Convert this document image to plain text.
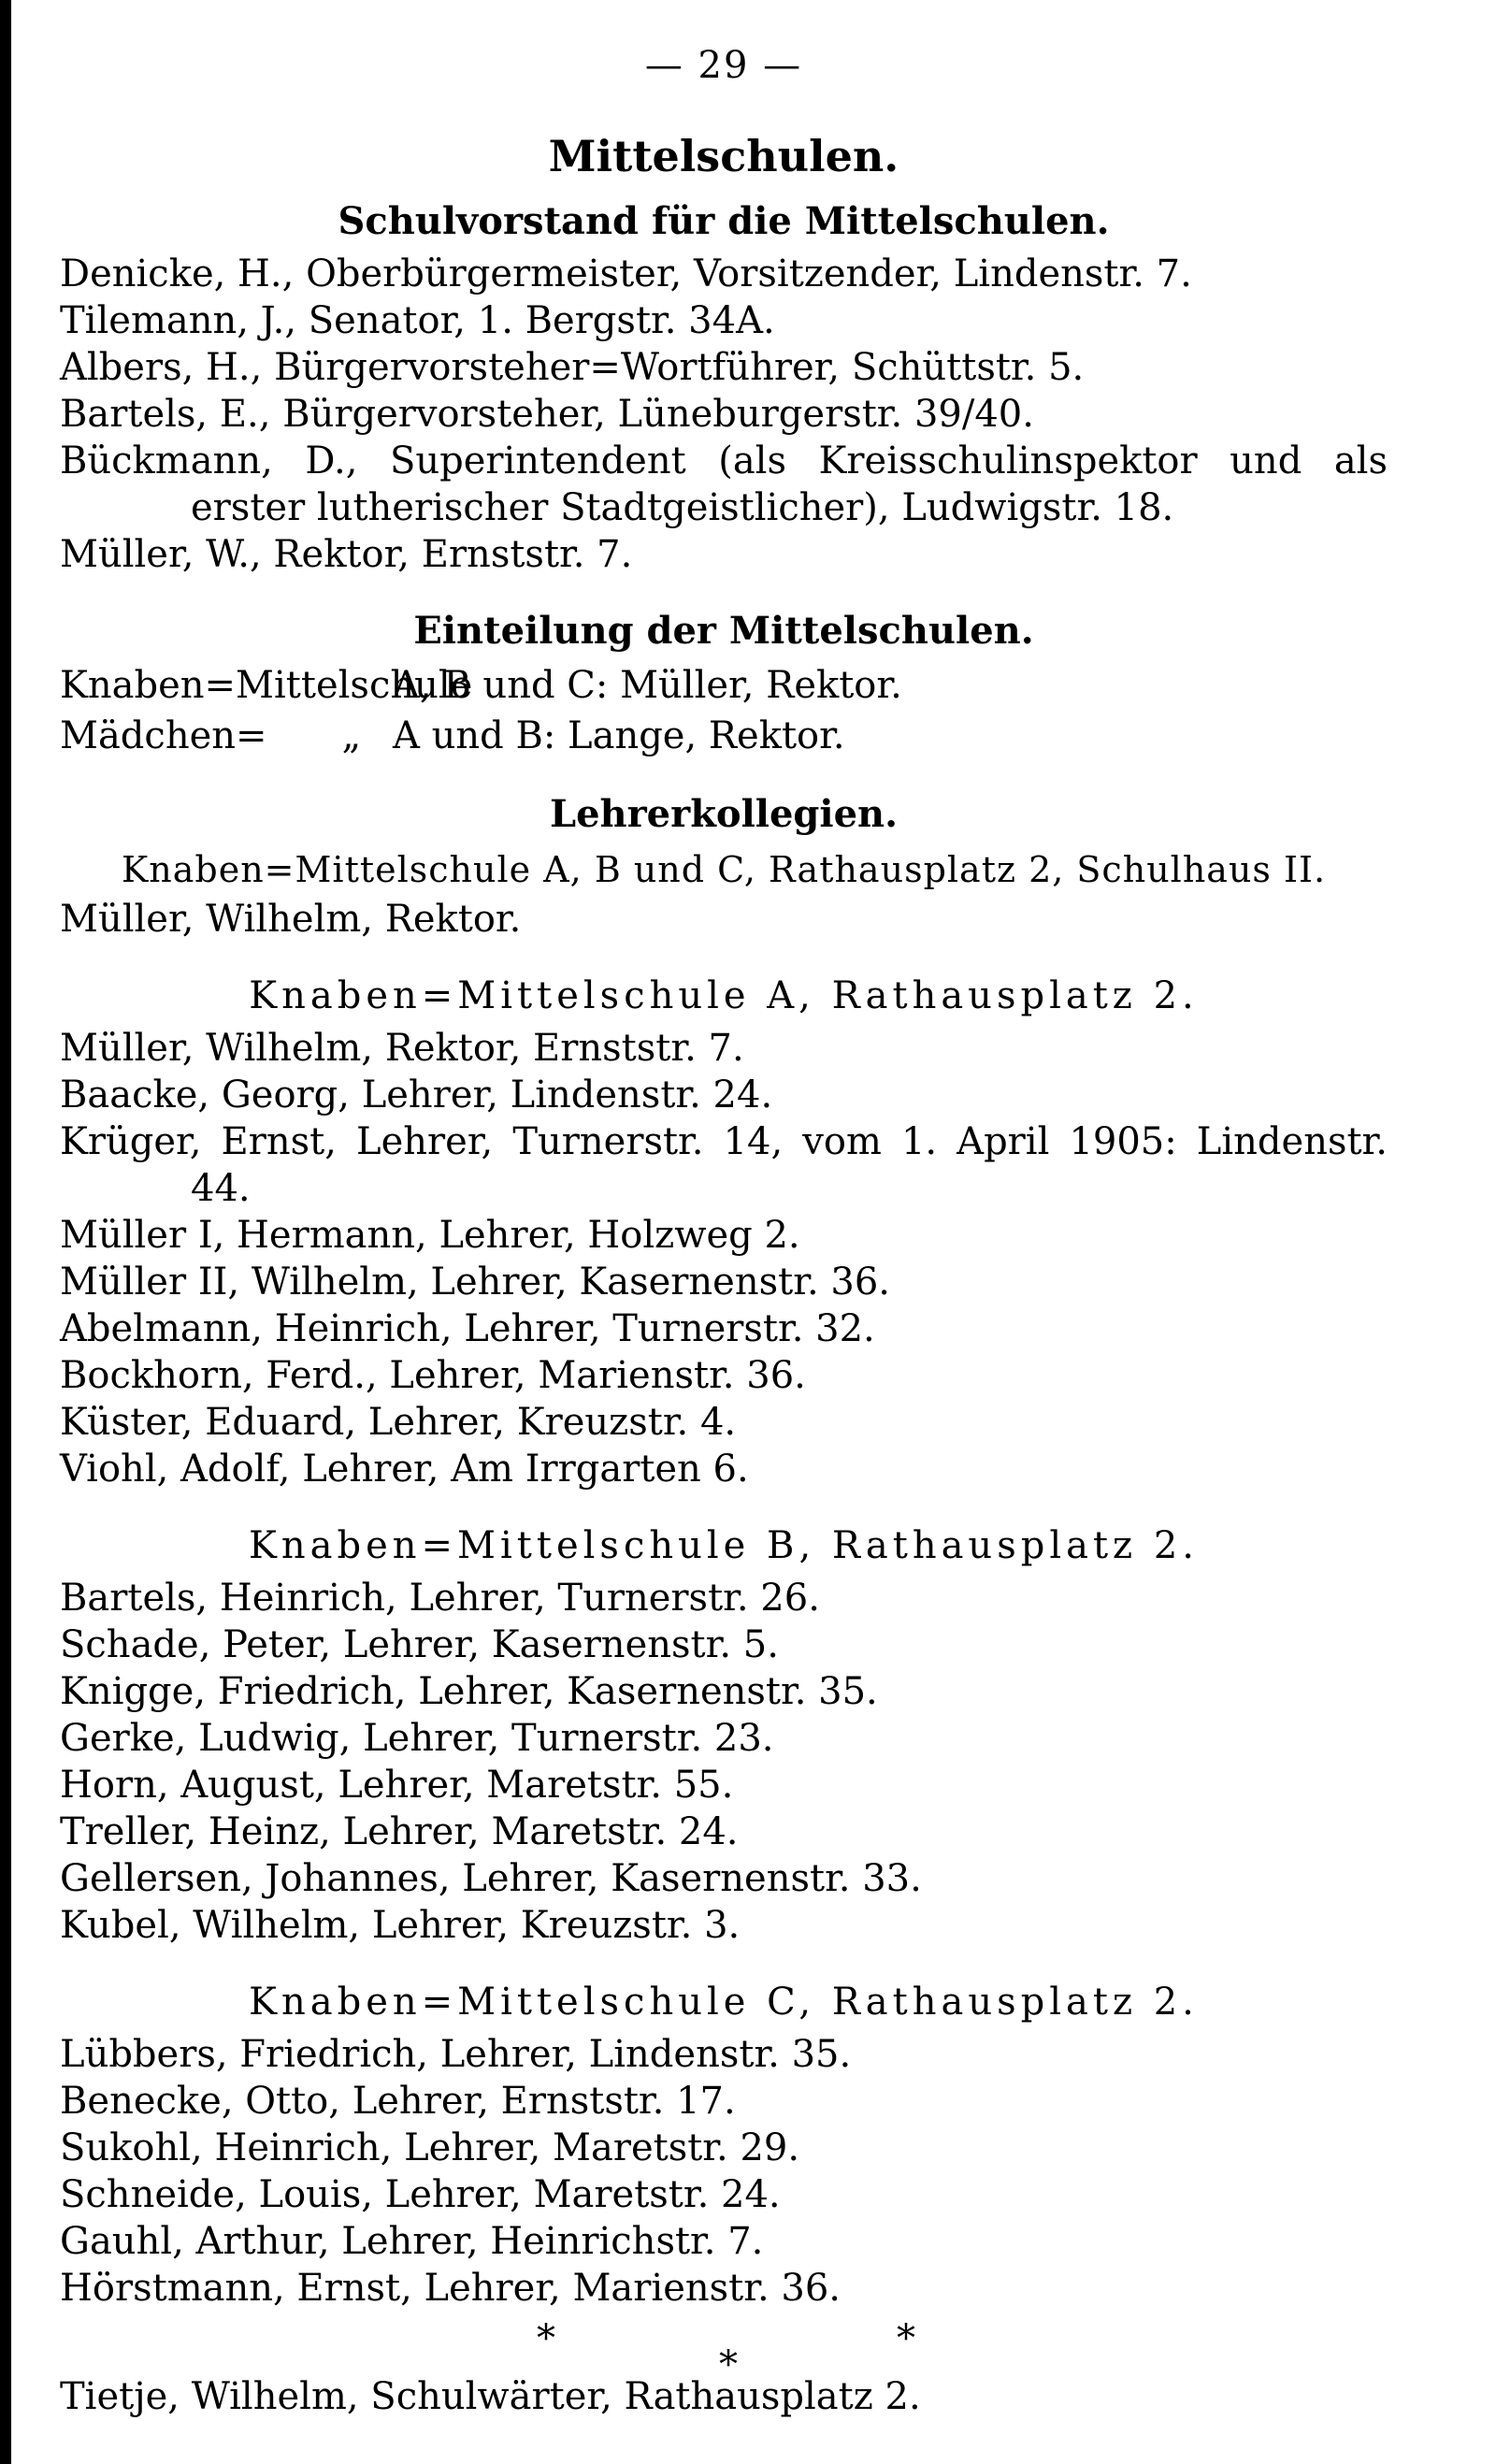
— 29 —
Mittelschulen.
Schulvorstand für die Mittelschulen.
Denicke, H., Oberbürgermeister, Vorsitzender, Lindenstr. 7.
Tilemann, J., Senator, 1. Bergstr. 34A.
Albers, H., Bürgervorsteher=Wortführer, Schüttstr. 5.
Bartels, E., Bürgervorsteher, Lüneburgerstr. 39/40.
Bückmann, D., Superintendent (als Kreisschulinspektor und als erster lutherischer Stadtgeistlicher), Ludwigstr. 18.
Müller, W., Rektor, Ernststr. 7.
Einteilung der Mittelschulen.
Knaben=Mittelschule
A, B und C: Müller, Rektor.
Mädchen= „ A und B: Lange, Rektor.
Lehrerkollegien.
Knaben=Mittelschule A, B und C, Rathausplatz 2, Schulhaus II.
Müller, Wilhelm, Rektor.
Knaben=Mittelschule A, Rathausplatz 2.
Müller, Wilhelm, Rektor, Ernststr. 7.
Baacke, Georg, Lehrer, Lindenstr. 24.
Krüger, Ernst, Lehrer, Turnerstr. 14, vom 1. April 1905: Lindenstr. 44.
Müller I, Hermann, Lehrer, Holzweg 2.
Müller II, Wilhelm, Lehrer, Kasernenstr. 36.
Abelmann, Heinrich, Lehrer, Turnerstr. 32.
Bockhorn, Ferd., Lehrer, Marienstr. 36.
Küster, Eduard, Lehrer, Kreuzstr. 4.
Viohl, Adolf, Lehrer, Am Irrgarten 6.
Knaben=Mittelschule B, Rathausplatz 2.
Bartels, Heinrich, Lehrer, Turnerstr. 26.
Schade, Peter, Lehrer, Kasernenstr. 5.
Knigge, Friedrich, Lehrer, Kasernenstr. 35.
Gerke, Ludwig, Lehrer, Turnerstr. 23.
Horn, August, Lehrer, Maretstr. 55.
Treller, Heinz, Lehrer, Maretstr. 24.
Gellersen, Johannes, Lehrer, Kasernenstr. 33.
Kubel, Wilhelm, Lehrer, Kreuzstr. 3.
Knaben=Mittelschule C, Rathausplatz 2.
Lübbers, Friedrich, Lehrer, Lindenstr. 35.
Benecke, Otto, Lehrer, Ernststr. 17.
Sukohl, Heinrich, Lehrer, Maretstr. 29.
Schneide, Louis, Lehrer, Maretstr. 24.
Gauhl, Arthur, Lehrer, Heinrichstr. 7.
Hörstmann, Ernst, Lehrer, Marienstr. 36.
*
*
*
Tietje, Wilhelm, Schulwärter, Rathausplatz 2.
